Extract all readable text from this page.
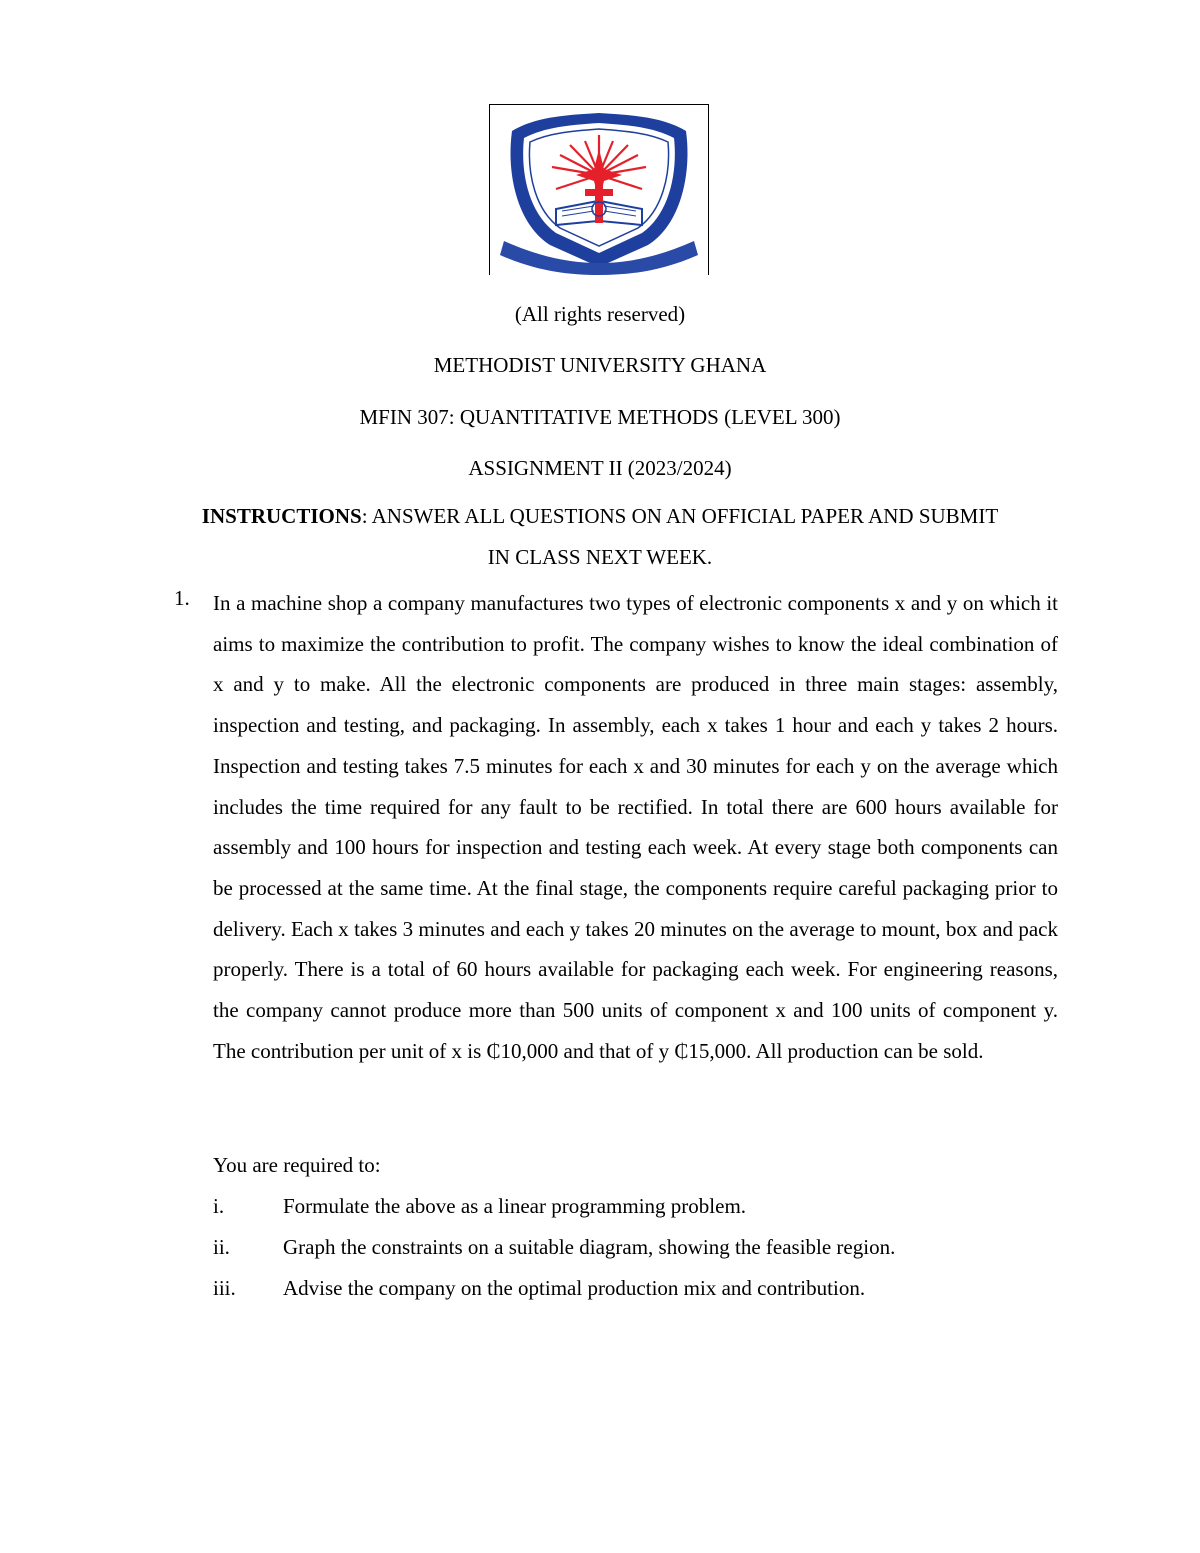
(All rights reserved)
METHODIST UNIVERSITY GHANA
MFIN 307: QUANTITATIVE METHODS (LEVEL 300)
ASSIGNMENT II (2023/2024)
INSTRUCTIONS: ANSWER ALL QUESTIONS ON AN OFFICIAL PAPER AND SUBMIT
IN CLASS NEXT WEEK.
1. In a machine shop a company manufactures two types of electronic components x and y on which it aims to maximize the contribution to profit. The company wishes to know the ideal combination of x and y to make. All the electronic components are produced in three main stages: assembly, inspection and testing, and packaging. In assembly, each x takes 1 hour and each y takes 2 hours. Inspection and testing takes 7.5 minutes for each x and 30 minutes for each y on the average which includes the time required for any fault to be rectified. In total there are 600 hours available for assembly and 100 hours for inspection and testing each week. At every stage both components can be processed at the same time. At the final stage, the components require careful packaging prior to delivery. Each x takes 3 minutes and each y takes 20 minutes on the average to mount, box and pack properly. There is a total of 60 hours available for packaging each week. For engineering reasons, the company cannot produce more than 500 units of component x and 100 units of component y. The contribution per unit of x is ₵10,000 and that of y ₵15,000. All production can be sold.

You are required to:
i.	Formulate the above as a linear programming problem.
ii.	Graph the constraints on a suitable diagram, showing the feasible region.
iii. Advise the company on the optimal production mix and contribution.
